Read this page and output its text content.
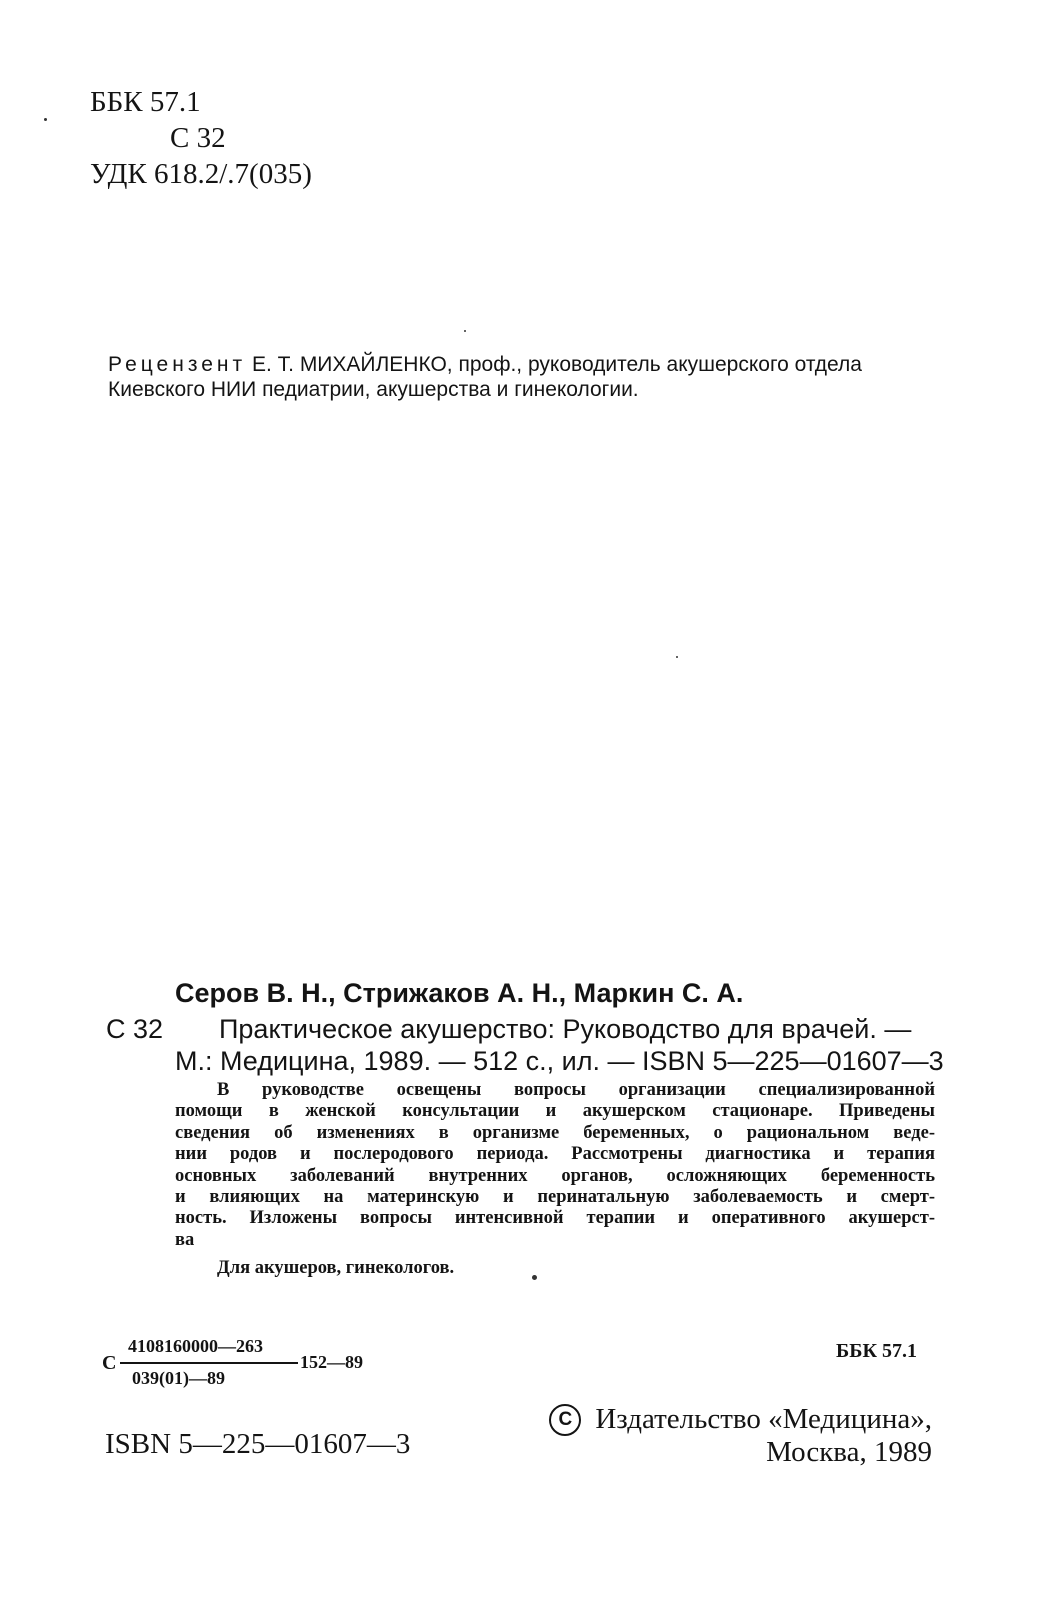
ББК 57.1
С 32
УДК 618.2/.7(035)
Рецензент Е. Т. МИХАЙЛЕНКО, проф., руководитель акушерского отдела
Киевского НИИ педиатрии, акушерства и гинекологии.
Серов В. Н., Стрижаков А. Н., Маркин С. А.
С 32 Практическое акушерство: Руководство для врачей. —
М.: Медицина, 1989. — 512 с., ил. — ISBN 5—225—01607—3
В руководстве освещены вопросы организации специализированной
помощи в женской консультации и акушерском стационаре. Приведены
сведения об изменениях в организме беременных, о рациональном веде-
нии родов и послеродового периода. Рассмотрены диагностика и терапия
основных заболеваний внутренних органов, осложняющих беременность
и влияющих на материнскую и перинатальную заболеваемость и смерт-
ность. Изложены вопросы интенсивной терапии и оперативного акушерст-
ва
Для акушеров, гинекологов.
С
4108160000—263
039(01)—89
152—89	ББК 57.1
ISBN 5—225—01607—3
C Издательство «Медицина»,
Москва, 1989
